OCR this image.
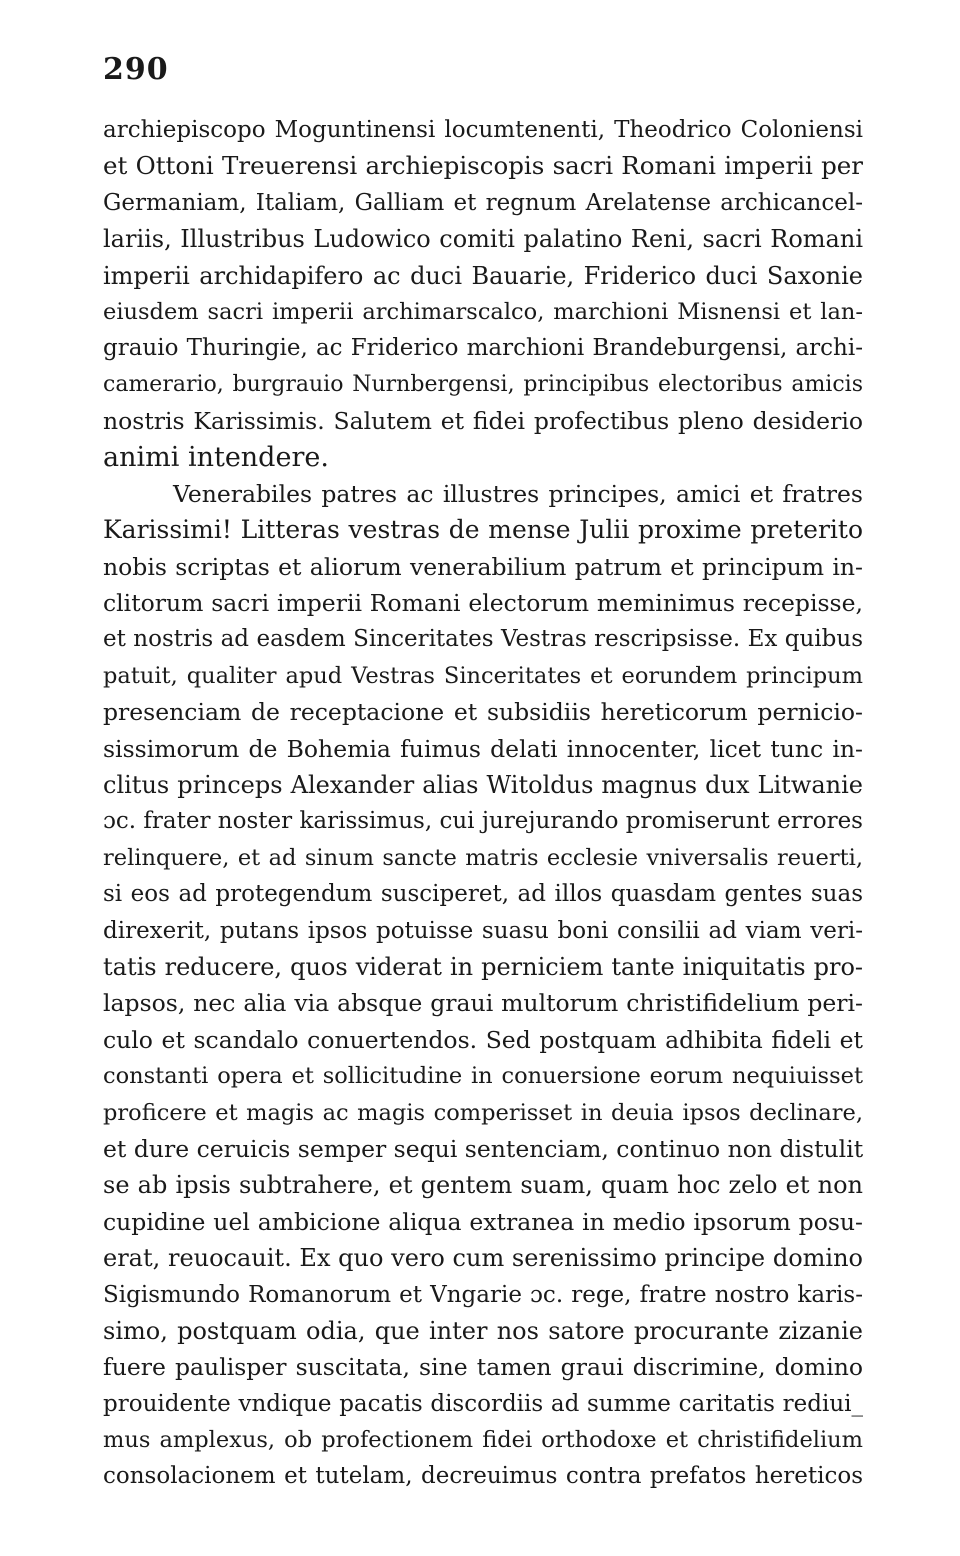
290

archiepiscopo Moguntinensi locumtenenti, Theodrico Coloniensi
et Ottoni Treuerensi archiepiscopis sacri Romani imperii per
Germaniam, Italiam, Galliam et regnum Arelatense archicancel-
lariis, Illustribus Ludowico comiti palatino Reni, sacri Romani
imperii archidapifero ac duci Bauarie, Friderico duci Saxonie
eiusdem sacri imperii archimarscalco, marchioni Misnensi et lan-
grauio Thuringie, ac Friderico marchioni Brandeburgensi, archi-
camerario, burgrauio Nurnbergensi, principibus electoribus amicis
nostris Karissimis. Salutem et fidei profectibus pleno desiderio
animi intendere.
Venerabiles patres ac illustres principes, amici et fratres
Karissimi! Litteras vestras de mense Julii proxime preterito
nobis scriptas et aliorum venerabilium patrum et principum in-
clitorum sacri imperii Romani electorum meminimus recepisse,
et nostris ad easdem Sinceritates Vestras rescripsisse. Ex quibus
patuit, qualiter apud Vestras Sinceritates et eorundem principum
presenciam de receptacione et subsidiis hereticorum pernicio-
sissimorum de Bohemia fuimus delati innocenter, licet tunc in-
clitus princeps Alexander alias Witoldus magnus dux Litwanie
ɔc. frater noster karissimus, cui jurejurando promiserunt errores
relinquere, et ad sinum sancte matris ecclesie vniversalis reuerti,
si eos ad protegendum susciperet, ad illos quasdam gentes suas
direxerit, putans ipsos potuisse suasu boni consilii ad viam veri-
tatis reducere, quos viderat in perniciem tante iniquitatis pro-
lapsos, nec alia via absque graui multorum christifidelium peri-
culo et scandalo conuertendos. Sed postquam adhibita fideli et
constanti opera et sollicitudine in conuersione eorum nequiuisset
proficere et magis ac magis comperisset in deuia ipsos declinare,
et dure ceruicis semper sequi sentenciam, continuo non distulit
se ab ipsis subtrahere, et gentem suam, quam hoc zelo et non
cupidine uel ambicione aliqua extranea in medio ipsorum posu-
erat, reuocauit. Ex quo vero cum serenissimo principe domino
Sigismundo Romanorum et Vngarie ɔc. rege, fratre nostro karis-
simo, postquam odia, que inter nos satore procurante zizanie
fuere paulisper suscitata, sine tamen graui discrimine, domino
prouidente vndique pacatis discordiis ad summe caritatis rediui_
mus amplexus, ob profectionem fidei orthodoxe et christifidelium
consolacionem et tutelam, decreuimus contra prefatos hereticos
